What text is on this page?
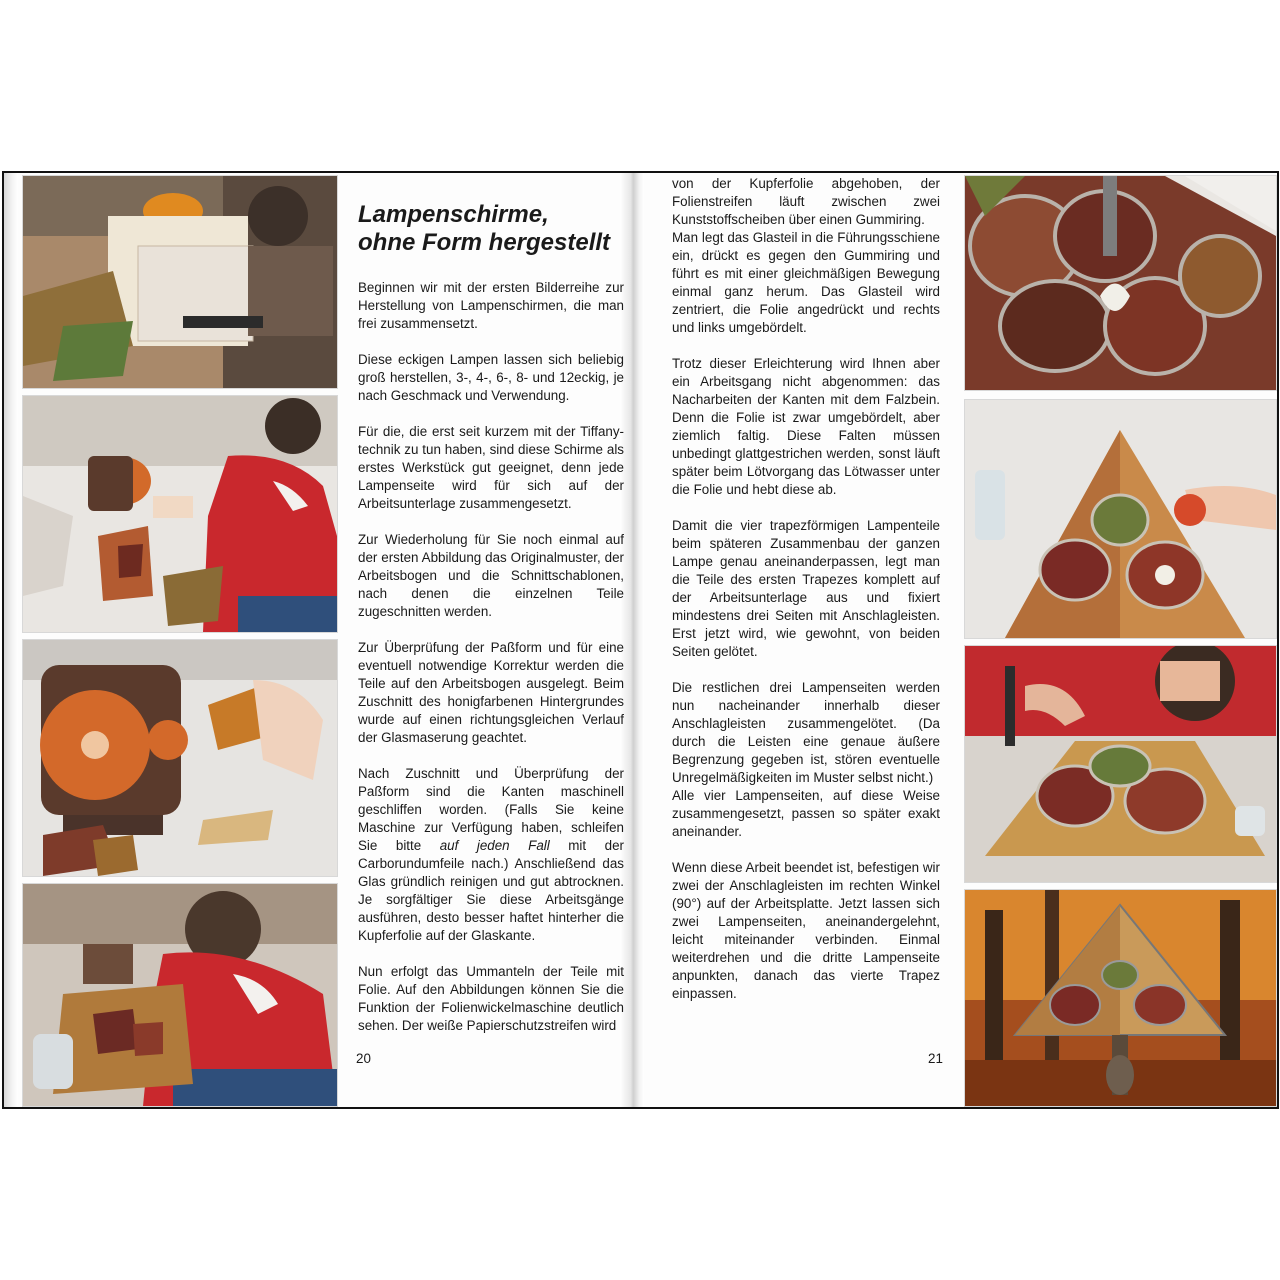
Lampenschirme,
ohne Form hergestellt

Beginnen wir mit der ersten Bilderreihe zur Herstellung von Lampenschirmen, die man frei zusammensetzt.

Diese eckigen Lampen lassen sich beliebig groß herstellen, 3-, 4-, 6-, 8- und 12eckig, je nach Geschmack und Verwendung.

Für die, die erst seit kurzem mit der Tiffany-technik zu tun haben, sind diese Schirme als erstes Werkstück gut geeignet, denn jede Lampenseite wird für sich auf der Arbeitsunterlage zusammengesetzt.

Zur Wiederholung für Sie noch einmal auf der ersten Abbildung das Originalmuster, der Arbeitsbogen und die Schnittschablonen, nach denen die einzelnen Teile zugeschnitten werden.

Zur Überprüfung der Paßform und für eine eventuell notwendige Korrektur werden die Teile auf den Arbeitsbogen ausgelegt. Beim Zuschnitt des honigfarbenen Hintergrundes wurde auf einen richtungsgleichen Verlauf der Glasmaserung geachtet.

Nach Zuschnitt und Überprüfung der Paßform sind die Kanten maschinell geschliffen worden. (Falls Sie keine Maschine zur Verfügung haben, schleifen Sie bitte auf jeden Fall mit der Carborundumfeile nach.) Anschließend das Glas gründlich reinigen und gut abtrocknen. Je sorgfältiger Sie diese Arbeitsgänge ausführen, desto besser haftet hinterher die Kupferfolie auf der Glaskante.

Nun erfolgt das Ummanteln der Teile mit Folie. Auf den Abbildungen können Sie die Funktion der Folienwickelmaschine deutlich sehen. Der weiße Papierschutzstreifen wird

20

von der Kupferfolie abgehoben, der Folienstreifen läuft zwischen zwei Kunststoffscheiben über einen Gummiring.

Man legt das Glasteil in die Führungsschiene ein, drückt es gegen den Gummiring und führt es mit einer gleichmäßigen Bewegung einmal ganz herum. Das Glasteil wird zentriert, die Folie angedrückt und rechts und links umgebördelt.

Trotz dieser Erleichterung wird Ihnen aber ein Arbeitsgang nicht abgenommen: das Nacharbeiten der Kanten mit dem Falzbein. Denn die Folie ist zwar umgebördelt, aber ziemlich faltig. Diese Falten müssen unbedingt glattgestrichen werden, sonst läuft später beim Lötvorgang das Lötwasser unter die Folie und hebt diese ab.

Damit die vier trapezförmigen Lampenteile beim späteren Zusammenbau der ganzen Lampe genau aneinanderpassen, legt man die Teile des ersten Trapezes komplett auf der Arbeitsunterlage aus und fixiert mindestens drei Seiten mit Anschlagleisten. Erst jetzt wird, wie gewohnt, von beiden Seiten gelötet.

Die restlichen drei Lampenseiten werden nun nacheinander innerhalb dieser Anschlagleisten zusammengelötet. (Da durch die Leisten eine genaue äußere Begrenzung gegeben ist, stören eventuelle Unregelmäßigkeiten im Muster selbst nicht.)

Alle vier Lampenseiten, auf diese Weise zusammengesetzt, passen so später exakt aneinander.

Wenn diese Arbeit beendet ist, befestigen wir zwei der Anschlagleisten im rechten Winkel (90°) auf der Arbeitsplatte. Jetzt lassen sich zwei Lampenseiten, aneinandergelehnt, leicht miteinander verbinden. Einmal weiterdrehen und die dritte Lampenseite anpunkten, danach das vierte Trapez einpassen.

21
